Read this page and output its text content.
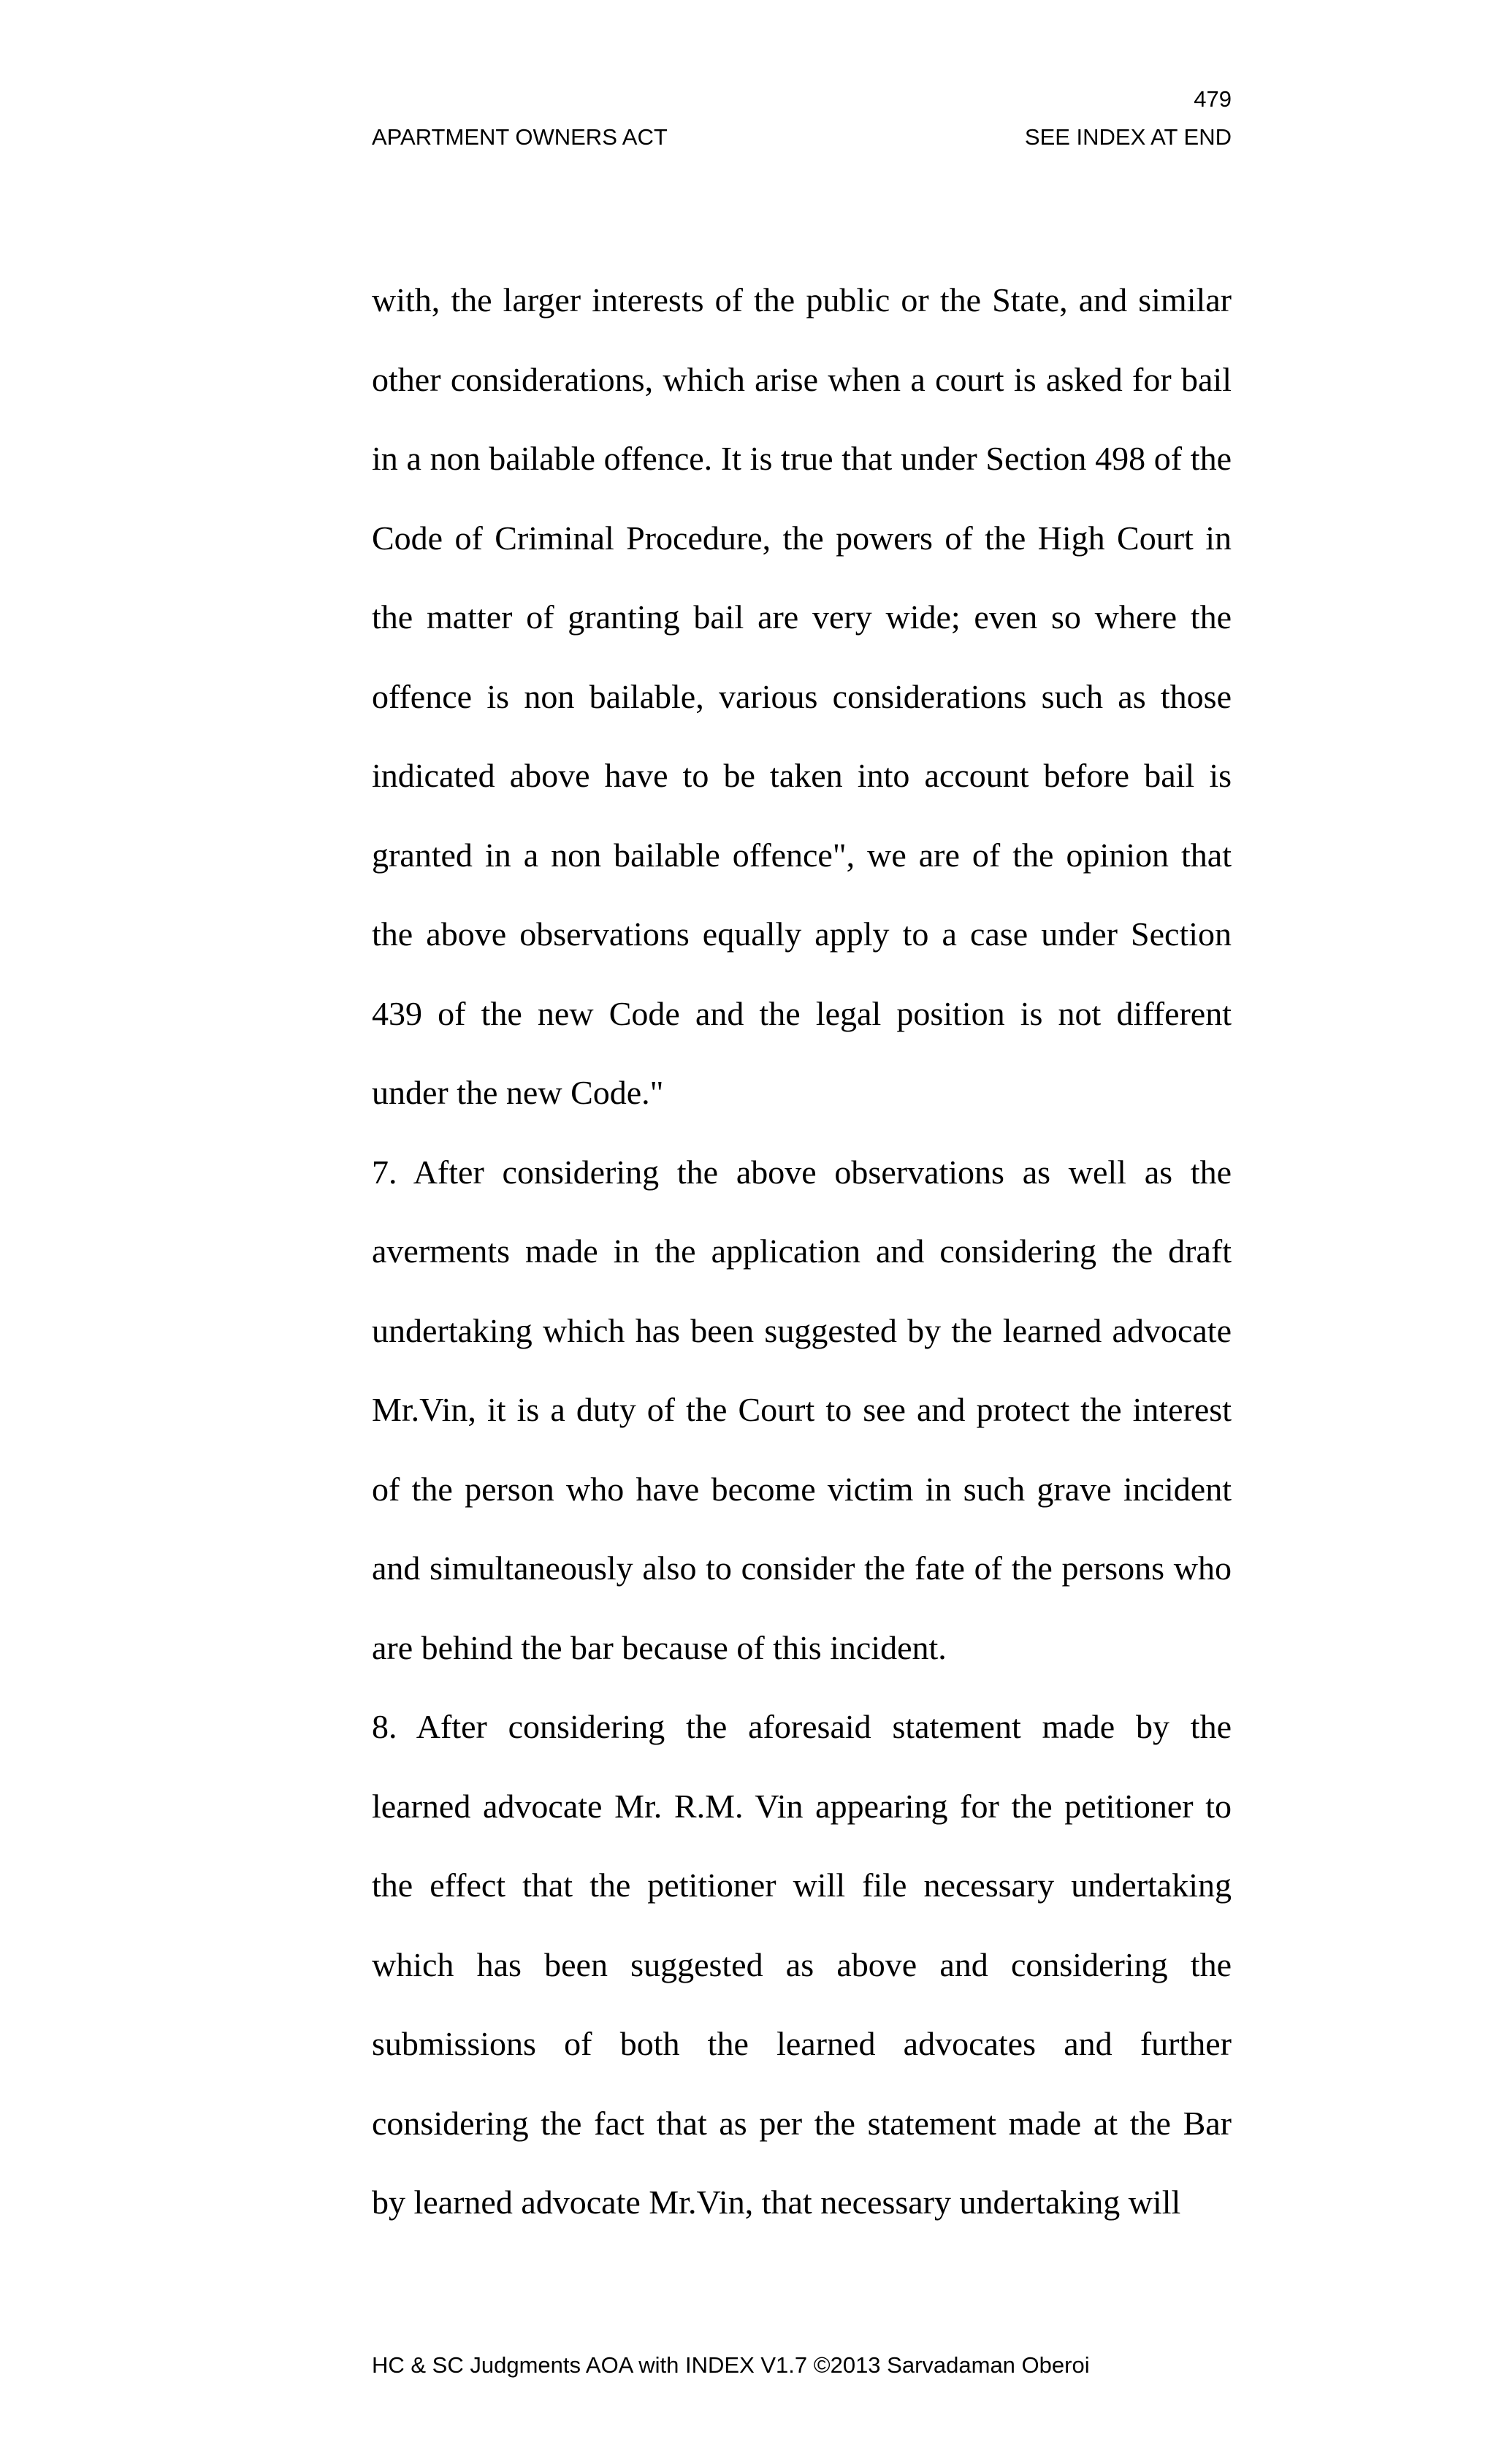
479
APARTMENT OWNERS ACT	SEE INDEX AT END

with, the larger interests of the public or the State, and similar other considerations, which arise when a court is asked for bail in a non bailable offence. It is true that under Section 498 of the Code of Criminal Procedure, the powers of the High Court in the matter of granting bail are very wide; even so where the offence is non bailable, various considerations such as those indicated above have to be taken into account before bail is granted in a non bailable offence", we are of the opinion that the above observations equally apply to a case under Section 439 of the new Code and the legal position is not different under the new Code."

7. After considering the above observations as well as the averments made in the application and considering the draft undertaking which has been suggested by the learned advocate Mr.Vin, it is a duty of the Court to see and protect the interest of the person who have become victim in such grave incident and simultaneously also to consider the fate of the persons who are behind the bar because of this incident.

8. After considering the aforesaid statement made by the learned advocate Mr. R.M. Vin appearing for the petitioner to the effect that the petitioner will file necessary undertaking which has been suggested as above and considering the submissions of both the learned advocates and further considering the fact that as per the statement made at the Bar by learned advocate Mr.Vin, that necessary undertaking will

HC & SC Judgments AOA with INDEX V1.7 ©2013 Sarvadaman Oberoi
